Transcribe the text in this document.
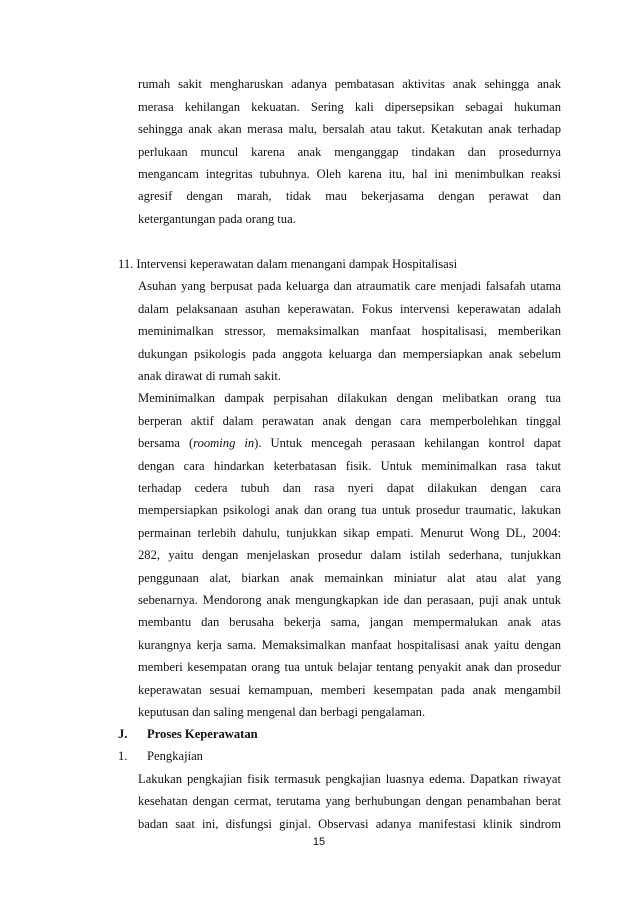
rumah sakit mengharuskan adanya pembatasan aktivitas anak sehingga anak
merasa kehilangan kekuatan. Sering kali dipersepsikan sebagai hukuman
sehingga anak akan merasa malu, bersalah atau takut. Ketakutan anak terhadap
perlukaan muncul karena anak menganggap tindakan dan prosedurnya
mengancam integritas tubuhnya. Oleh karena itu, hal ini menimbulkan reaksi
agresif dengan marah, tidak mau bekerjasama dengan perawat dan
ketergantungan pada orang tua.
11. Intervensi keperawatan dalam menangani dampak Hospitalisasi
Asuhan yang berpusat pada keluarga dan atraumatik care menjadi falsafah utama
dalam pelaksanaan asuhan keperawatan. Fokus intervensi keperawatan adalah
meminimalkan stressor, memaksimalkan manfaat hospitalisasi, memberikan
dukungan psikologis pada anggota keluarga dan mempersiapkan anak sebelum
anak dirawat di rumah sakit.
Meminimalkan dampak perpisahan dilakukan dengan melibatkan orang tua
berperan aktif dalam perawatan anak dengan cara memperbolehkan tinggal
bersama (rooming in). Untuk mencegah perasaan kehilangan kontrol dapat
dengan cara hindarkan keterbatasan fisik. Untuk meminimalkan rasa takut
terhadap cedera tubuh dan rasa nyeri dapat dilakukan dengan cara
mempersiapkan psikologi anak dan orang tua untuk prosedur traumatic, lakukan
permainan terlebih dahulu, tunjukkan sikap empati. Menurut Wong DL, 2004:
282, yaitu dengan menjelaskan prosedur dalam istilah sederhana, tunjukkan
penggunaan alat, biarkan anak memainkan miniatur alat atau alat yang
sebenarnya. Mendorong anak mengungkapkan ide dan perasaan, puji anak untuk
membantu dan berusaha bekerja sama, jangan mempermalukan anak atas
kurangnya kerja sama. Memaksimalkan manfaat hospitalisasi anak yaitu dengan
memberi kesempatan orang tua untuk belajar tentang penyakit anak dan prosedur
keperawatan sesuai kemampuan, memberi kesempatan pada anak mengambil
keputusan dan saling mengenal dan berbagi pengalaman.
J. Proses Keperawatan
1. Pengkajian
Lakukan pengkajian fisik termasuk pengkajian luasnya edema. Dapatkan riwayat
kesehatan dengan cermat, terutama yang berhubungan dengan penambahan berat
badan saat ini, disfungsi ginjal. Observasi adanya manifestasi klinik sindrom
15
